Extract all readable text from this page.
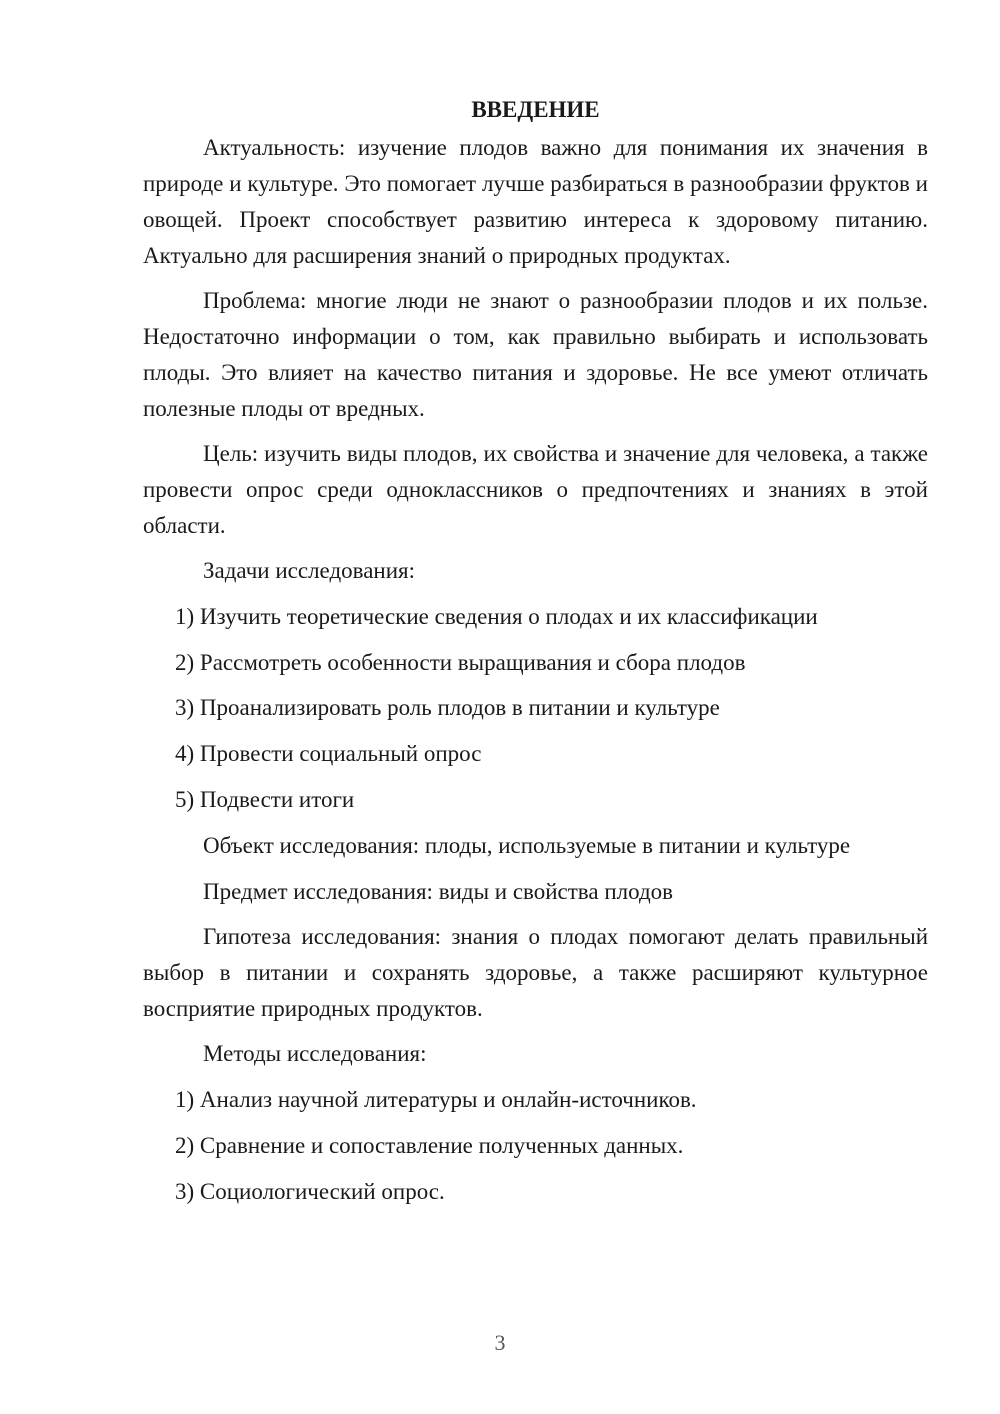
ВВЕДЕНИЕ

Актуальность: изучение плодов важно для понимания их значения в природе и культуре. Это помогает лучше разбираться в разнообразии фруктов и овощей. Проект способствует развитию интереса к здоровому питанию. Актуально для расширения знаний о природных продуктах.

Проблема: многие люди не знают о разнообразии плодов и их пользе. Недостаточно информации о том, как правильно выбирать и использовать плоды. Это влияет на качество питания и здоровье. Не все умеют отличать полезные плоды от вредных.

Цель: изучить виды плодов, их свойства и значение для человека, а также провести опрос среди одноклассников о предпочтениях и знаниях в этой области.

Задачи исследования:
1) Изучить теоретические сведения о плодах и их классификации
2) Рассмотреть особенности выращивания и сбора плодов
3) Проанализировать роль плодов в питании и культуре
4) Провести социальный опрос
5) Подвести итоги
Объект исследования: плоды, используемые в питании и культуре
Предмет исследования: виды и свойства плодов

Гипотеза исследования: знания о плодах помогают делать правильный выбор в питании и сохранять здоровье, а также расширяют культурное восприятие природных продуктов.

Методы исследования:
1) Анализ научной литературы и онлайн-источников.
2) Сравнение и сопоставление полученных данных.
3) Социологический опрос.
3
